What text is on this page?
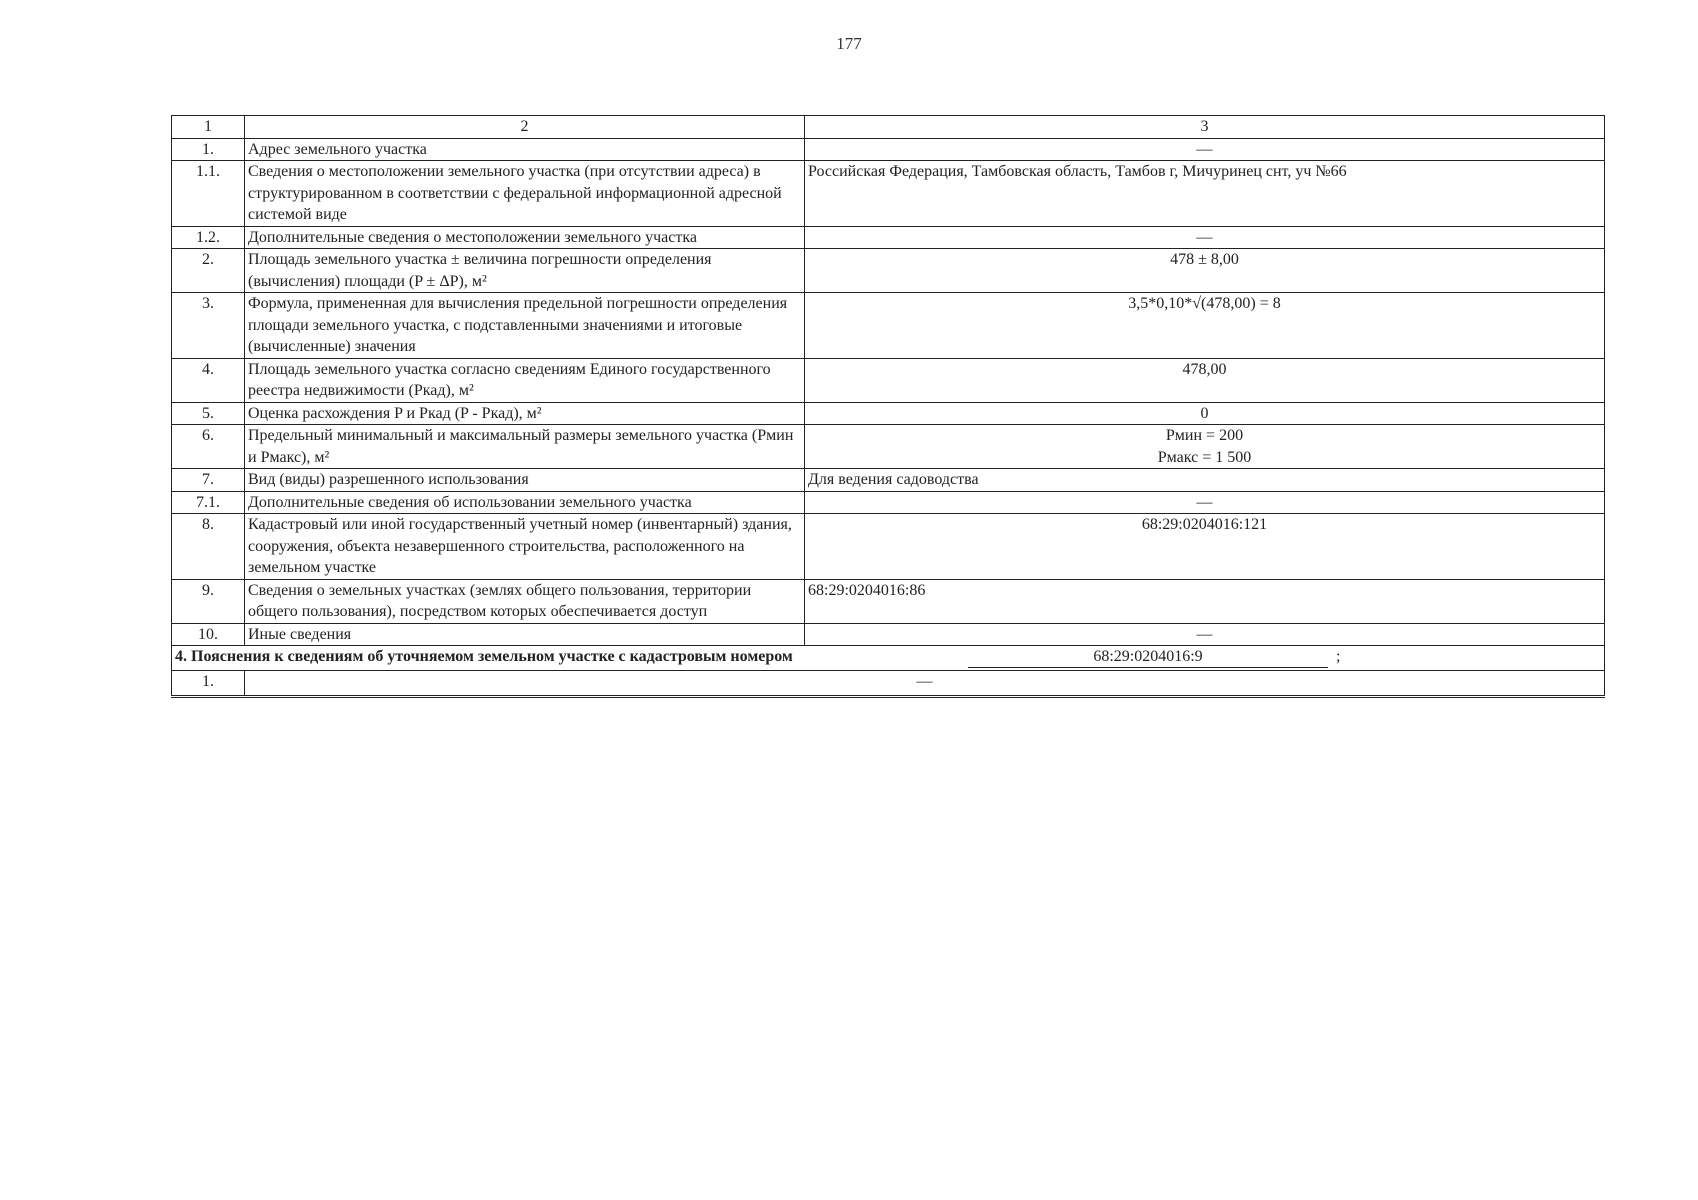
177
1	2	3
1.	Адрес земельного участка	—
1.1.	Сведения о местоположении земельного участка (при отсутствии адреса) в структурированном в соответствии с федеральной информационной адресной системой виде	Российская Федерация, Тамбовская область, Тамбов г, Мичуринец снт, уч №66
1.2.	Дополнительные сведения о местоположении земельного участка	—
2.	Площадь земельного участка ± величина погрешности определения (вычисления) площади (P ± ΔP), м²	478 ± 8,00
3.	Формула, примененная для вычисления предельной погрешности определения площади земельного участка, с подставленными значениями и итоговые (вычисленные) значения	3,5*0,10*√(478,00) = 8
4.	Площадь земельного участка согласно сведениям Единого государственного реестра недвижимости (Ркад), м²	478,00
5.	Оценка расхождения P и Ркад (P - Ркад), м²	0
6.	Предельный минимальный и максимальный размеры земельного участка (Рмин и Рмакс), м²	Рмин = 200
Рмакс = 1 500

7.	Вид (виды) разрешенного использования	Для ведения садоводства
7.1.	Дополнительные сведения об использовании земельного участка	—
8.	Кадастровый или иной государственный учетный номер (инвентарный) здания, сооружения, объекта незавершенного строительства, расположенного на земельном участке	68:29:0204016:121
9.	Сведения о земельных участках (землях общего пользования, территории общего пользования), посредством которых обеспечивается доступ	68:29:0204016:86
10.	Иные сведения	—
4. Пояснения к сведениям об уточняемом земельном участке с кадастровым номером 68:29:0204016:9 ;		

1.	—	
